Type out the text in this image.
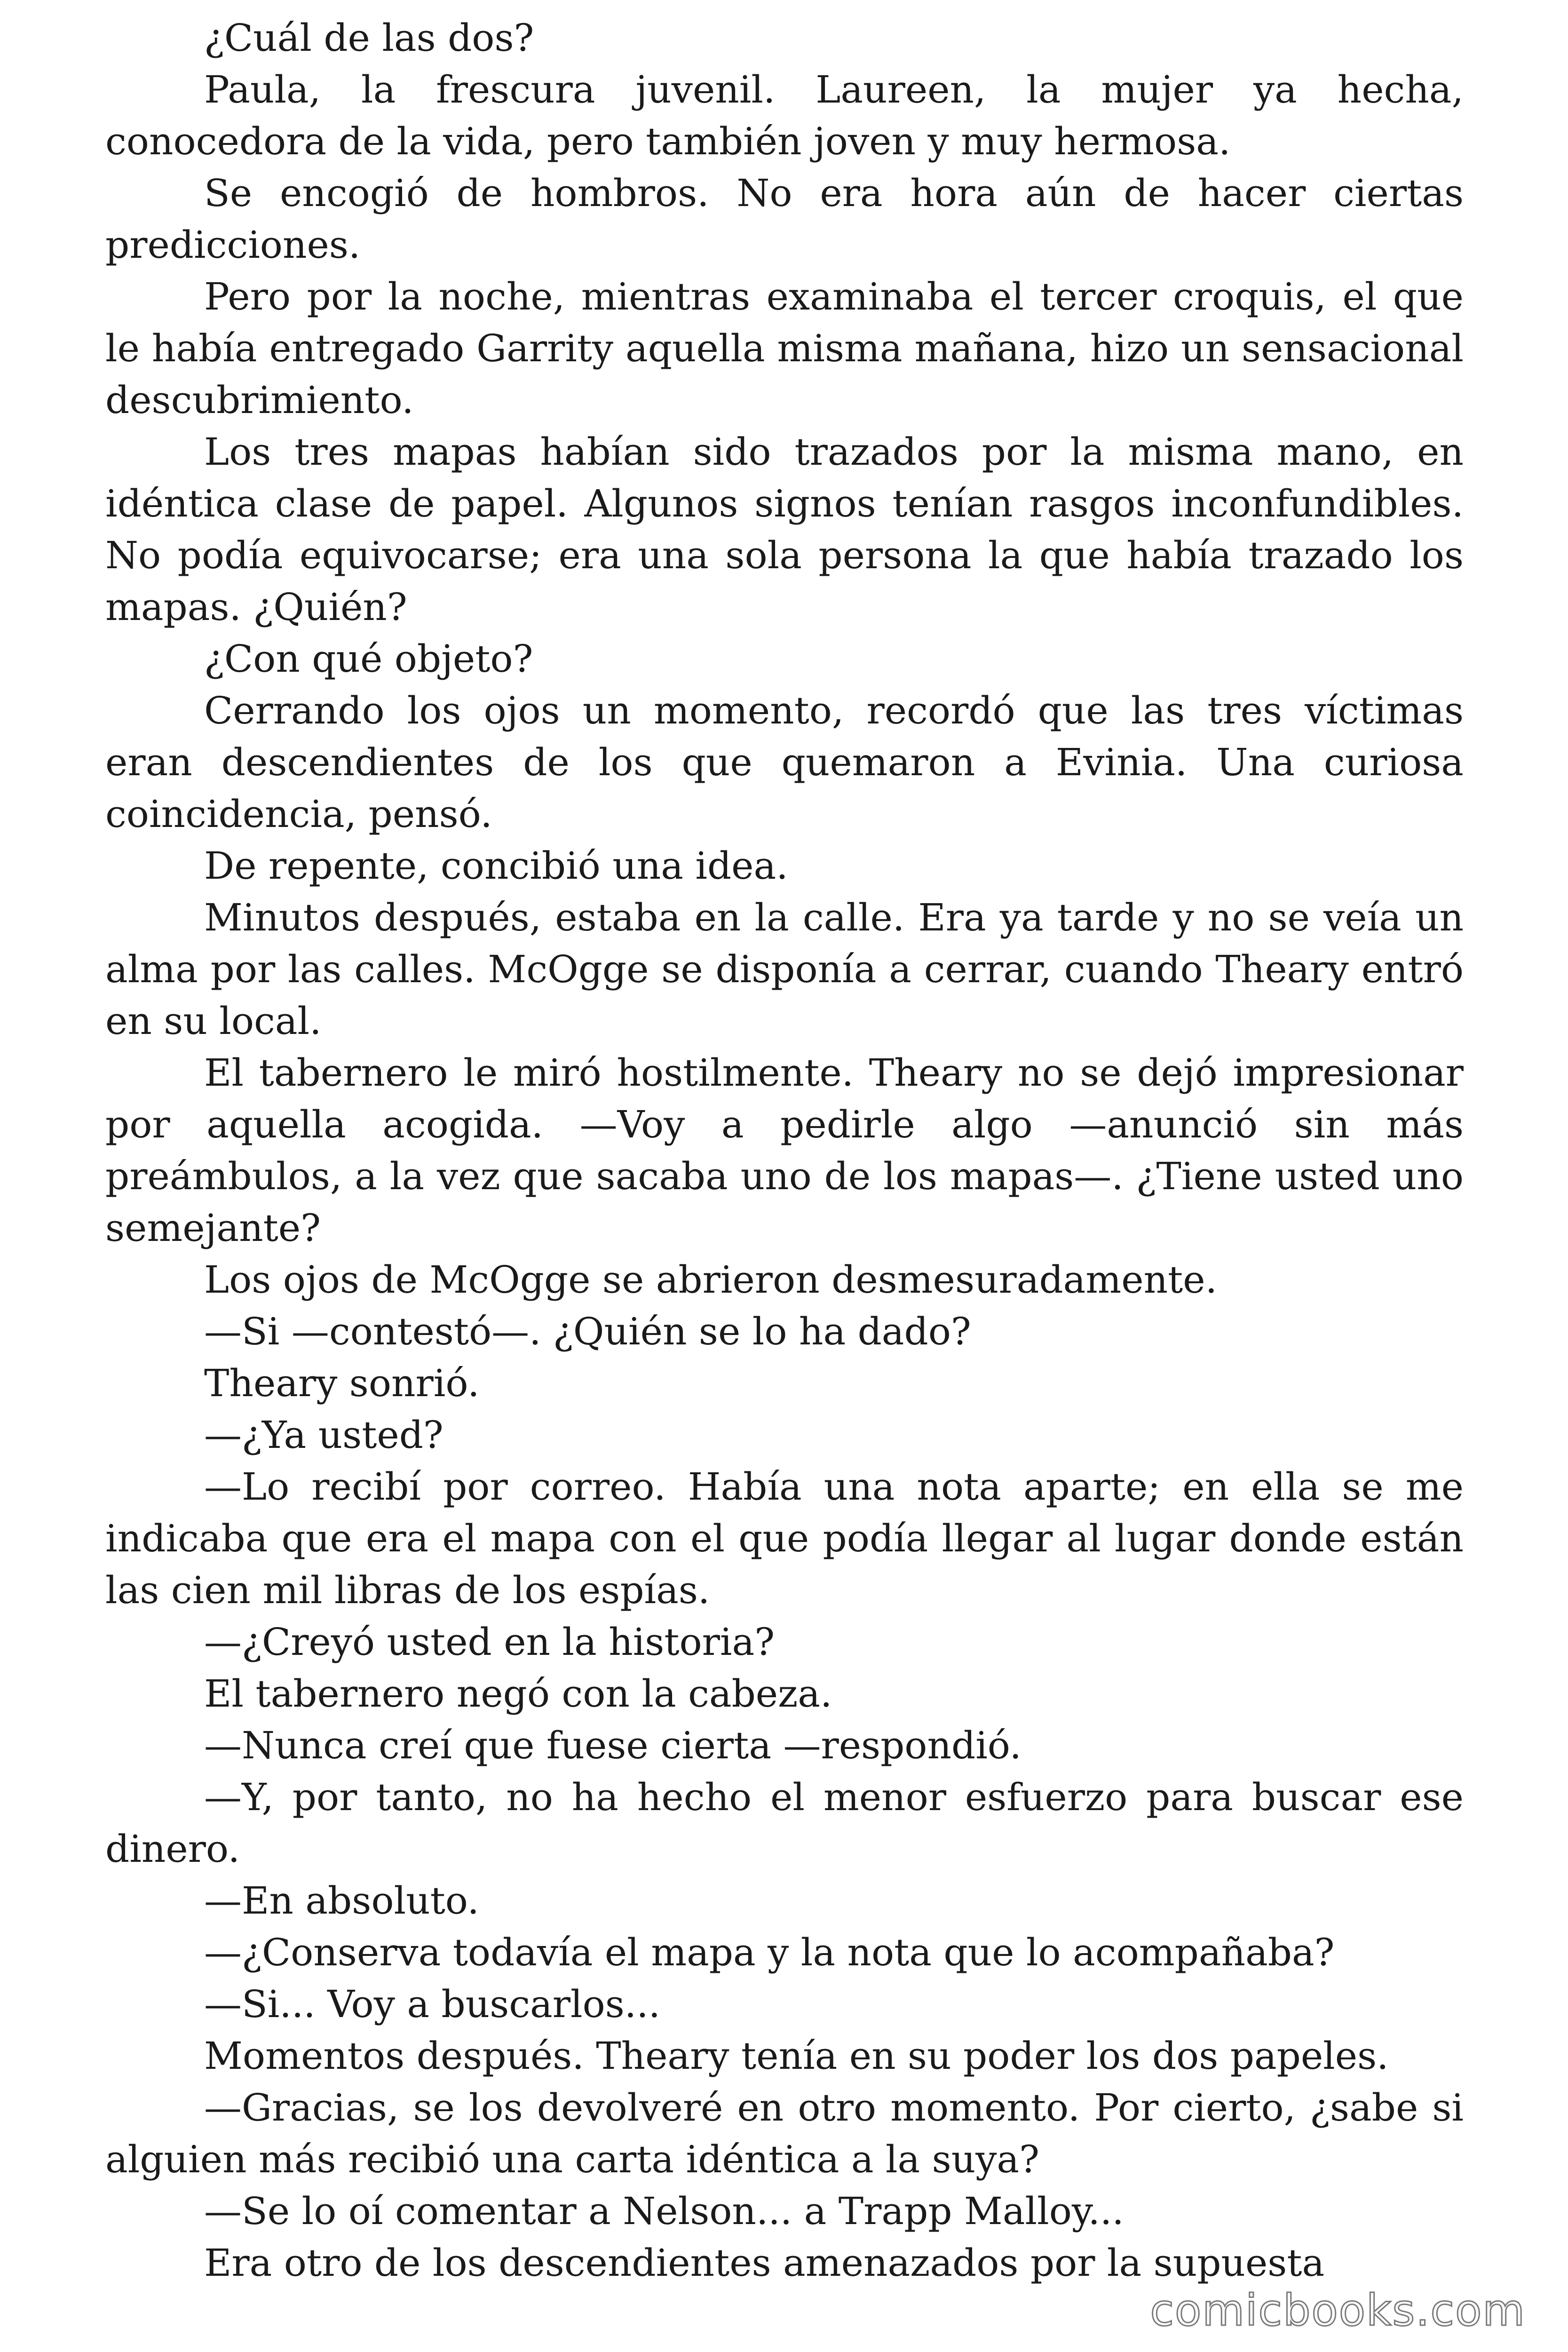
¿Cuál de las dos?

Paula, la frescura juvenil. Laureen, la mujer ya hecha, conocedora de la vida, pero también joven y muy hermosa.

Se encogió de hombros. No era hora aún de hacer ciertas predicciones.

Pero por la noche, mientras examinaba el tercer croquis, el que le había entregado Garrity aquella misma mañana, hizo un sensacional descubrimiento.

Los tres mapas habían sido trazados por la misma mano, en idéntica clase de papel. Algunos signos tenían rasgos inconfundibles. No podía equivocarse; era una sola persona la que había trazado los mapas. ¿Quién?

¿Con qué objeto?

Cerrando los ojos un momento, recordó que las tres víctimas eran descendientes de los que quemaron a Evinia. Una curiosa coincidencia, pensó.

De repente, concibió una idea.

Minutos después, estaba en la calle. Era ya tarde y no se veía un alma por las calles. McOgge se disponía a cerrar, cuando Theary entró en su local.

El tabernero le miró hostilmente. Theary no se dejó impresionar por aquella acogida. —Voy a pedirle algo —anunció sin más preámbulos, a la vez que sacaba uno de los mapas—. ¿Tiene usted uno semejante?

Los ojos de McOgge se abrieron desmesuradamente.

—Si —contestó—. ¿Quién se lo ha dado?

Theary sonrió.

—¿Ya usted?

—Lo recibí por correo. Había una nota aparte; en ella se me indicaba que era el mapa con el que podía llegar al lugar donde están las cien mil libras de los espías.

—¿Creyó usted en la historia?

El tabernero negó con la cabeza.

—Nunca creí que fuese cierta —respondió.

—Y, por tanto, no ha hecho el menor esfuerzo para buscar ese dinero.

—En absoluto.

—¿Conserva todavía el mapa y la nota que lo acompañaba?

—Si... Voy a buscarlos...

Momentos después. Theary tenía en su poder los dos papeles.

—Gracias, se los devolveré en otro momento. Por cierto, ¿sabe si alguien más recibió una carta idéntica a la suya?

—Se lo oí comentar a Nelson... a Trapp Malloy...

Era otro de los descendientes amenazados por la supuesta

comicbooks.com
